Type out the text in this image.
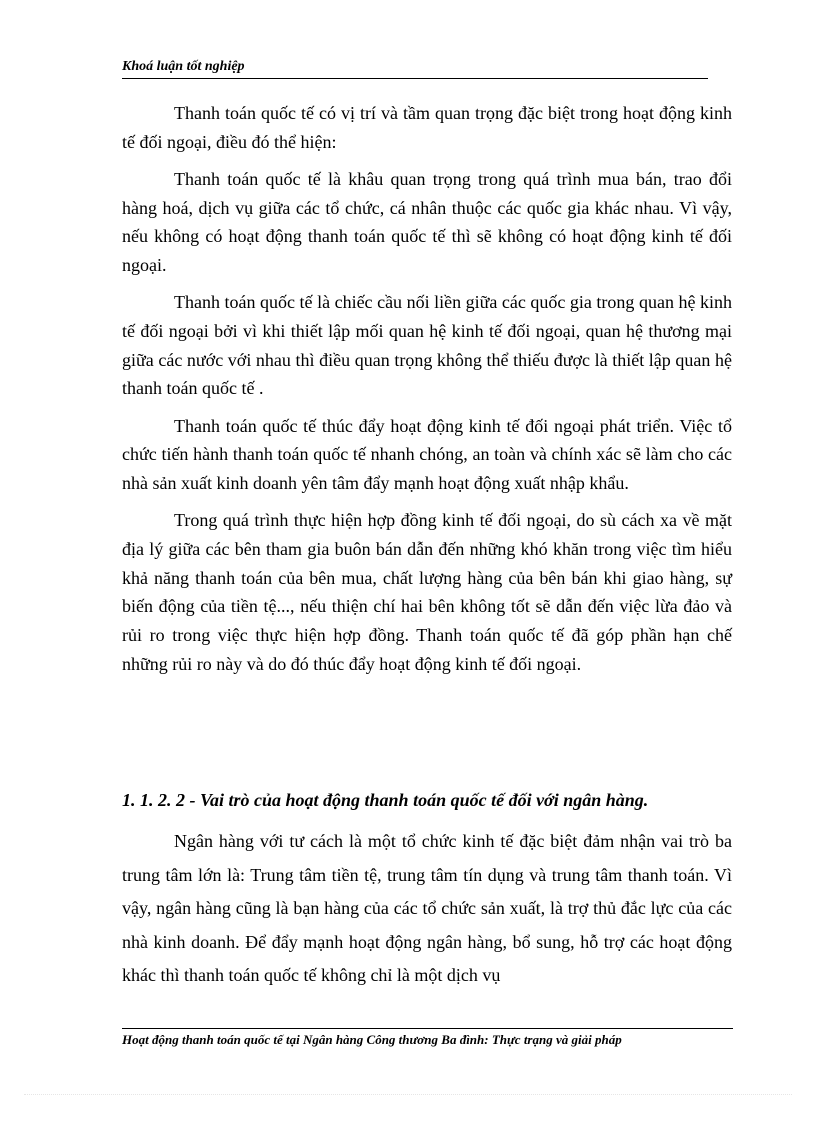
Khoá luận tốt nghiệp

Thanh toán quốc tế có vị trí và tầm quan trọng đặc biệt trong hoạt động kinh tế đối ngoại, điều đó thể hiện:

Thanh toán quốc tế là khâu quan trọng trong quá trình mua bán, trao đổi hàng hoá, dịch vụ giữa các tổ chức, cá nhân thuộc các quốc gia khác nhau. Vì vậy, nếu không có hoạt động thanh toán quốc tế thì sẽ không có hoạt động kinh tế đối ngoại.

Thanh toán quốc tế là chiếc cầu nối liền giữa các quốc gia trong quan hệ kinh tế đối ngoại bởi vì khi thiết lập mối quan hệ kinh tế đối ngoại, quan hệ thương mại giữa các nước với nhau thì điều quan trọng không thể thiếu được là thiết lập quan hệ thanh toán quốc tế .

Thanh toán quốc tế thúc đẩy hoạt động kinh tế đối ngoại phát triển. Việc tổ chức tiến hành thanh toán quốc tế nhanh chóng, an toàn và chính xác sẽ làm cho các nhà sản xuất kinh doanh yên tâm đẩy mạnh hoạt động xuất nhập khẩu.

Trong quá trình thực hiện hợp đồng kinh tế đối ngoại, do sù cách xa về mặt địa lý giữa các bên tham gia buôn bán dẫn đến những khó khăn trong việc tìm hiểu khả năng thanh toán của bên mua, chất lượng hàng của bên bán khi giao hàng, sự biến động của tiền tệ..., nếu thiện chí hai bên không tốt sẽ dẫn đến việc lừa đảo và rủi ro trong việc thực hiện hợp đồng. Thanh toán quốc tế đã góp phần hạn chế những rủi ro này và do đó thúc đẩy hoạt động kinh tế đối ngoại.

1. 1. 2. 2 - Vai trò của hoạt động thanh toán quốc tế đối với ngân hàng.

Ngân hàng với tư cách là một tổ chức kinh tế đặc biệt đảm nhận vai trò ba trung tâm lớn là: Trung tâm tiền tệ, trung tâm tín dụng và trung tâm thanh toán. Vì vậy, ngân hàng cũng là bạn hàng của các tổ chức sản xuất, là trợ thủ đắc lực của các nhà kinh doanh. Để đẩy mạnh hoạt động ngân hàng, bổ sung, hỗ trợ các hoạt động khác thì thanh toán quốc tế không chỉ là một dịch vụ

Hoạt động thanh toán quốc tế tại Ngân hàng Công thương Ba đình: Thực trạng và giải pháp
